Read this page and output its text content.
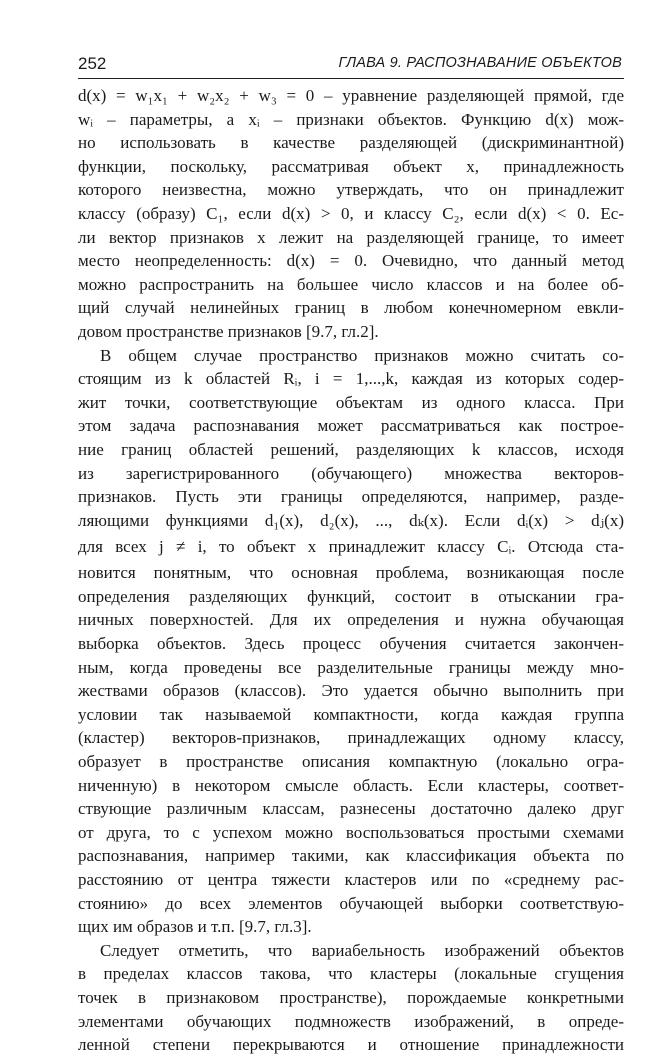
252	ГЛАВА 9. РАСПОЗНАВАНИЕ ОБЪЕКТОВ
d(x) = w₁x₁ + w₂x₂ + w₃ = 0 – уравнение разделяющей прямой, где
wᵢ – параметры, а xᵢ – признаки объектов. Функцию d(x) мож-
но использовать в качестве разделяющей (дискриминантной)
функции, поскольку, рассматривая объект x, принадлежность
которого неизвестна, можно утверждать, что он принадлежит
классу (образу) C₁, если d(x) > 0, и классу C₂, если d(x) < 0. Ес-
ли вектор признаков x лежит на разделяющей границе, то имеет
место неопределенность: d(x) = 0. Очевидно, что данный метод
можно распространить на большее число классов и на более об-
щий случай нелинейных границ в любом конечномерном евкли-
довом пространстве признаков [9.7, гл.2].
В общем случае пространство признаков можно считать со-
стоящим из k областей Rᵢ, i = 1,...,k, каждая из которых содер-
жит точки, соответствующие объектам из одного класса. При
этом задача распознавания может рассматриваться как построе-
ние границ областей решений, разделяющих k классов, исходя
из зарегистрированного (обучающего) множества векторов-
признаков. Пусть эти границы определяются, например, разде-
ляющими функциями d₁(x), d₂(x), ..., dₖ(x). Если dᵢ(x) > dⱼ(x)
для всех j ≠ i, то объект x принадлежит классу Cᵢ. Отсюда ста-
новится понятным, что основная проблема, возникающая после
определения разделяющих функций, состоит в отыскании гра-
ничных поверхностей. Для их определения и нужна обучающая
выборка объектов. Здесь процесс обучения считается закончен-
ным, когда проведены все разделительные границы между мно-
жествами образов (классов). Это удается обычно выполнить при
условии так называемой компактности, когда каждая группа
(кластер) векторов-признаков, принадлежащих одному классу,
образует в пространстве описания компактную (локально огра-
ниченную) в некотором смысле область. Если кластеры, соответ-
ствующие различным классам, разнесены достаточно далеко друг
от друга, то с успехом можно воспользоваться простыми схемами
распознавания, например такими, как классификация объекта по
расстоянию от центра тяжести кластеров или по «среднему рас-
стоянию» до всех элементов обучающей выборки соответствую-
щих им образов и т.п. [9.7, гл.3].
Следует отметить, что вариабельность изображений объектов
в пределах классов такова, что кластеры (локальные сгущения
точек в признаковом пространстве), порождаемые конкретными
элементами обучающих подмножеств изображений, в опреде-
ленной степени перекрываются и отношение принадлежности
